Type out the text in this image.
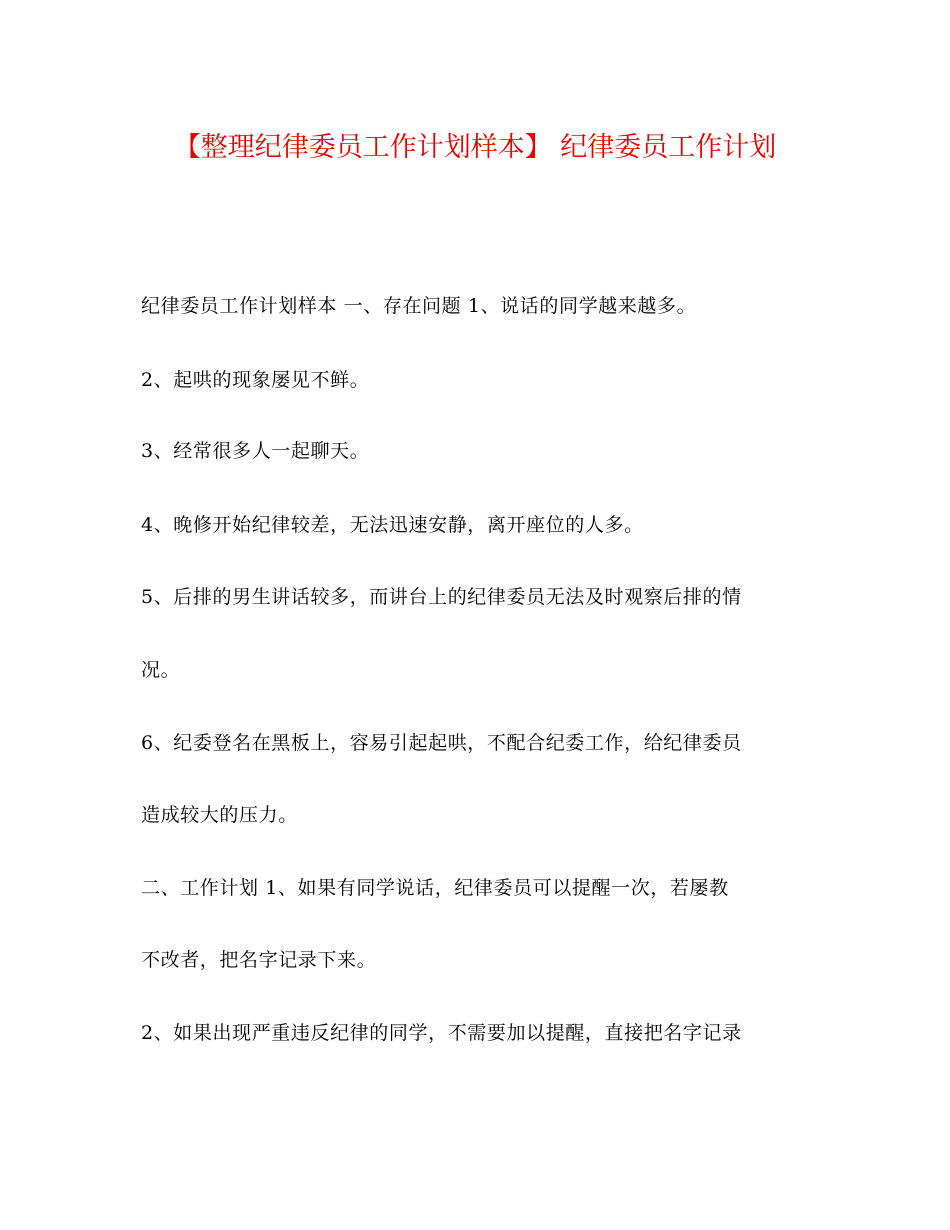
【整理纪律委员工作计划样本】 纪律委员工作计划
纪律委员工作计划样本 一、存在问题 1、说话的同学越来越多。
2、起哄的现象屡见不鲜。
3、经常很多人一起聊天。
4、晚修开始纪律较差，无法迅速安静，离开座位的人多。
5、后排的男生讲话较多，而讲台上的纪律委员无法及时观察后排的情
况。
6、纪委登名在黑板上，容易引起起哄，不配合纪委工作，给纪律委员
造成较大的压力。
二、工作计划 1、如果有同学说话，纪律委员可以提醒一次，若屡教
不改者，把名字记录下来。
2、如果出现严重违反纪律的同学，不需要加以提醒，直接把名字记录
